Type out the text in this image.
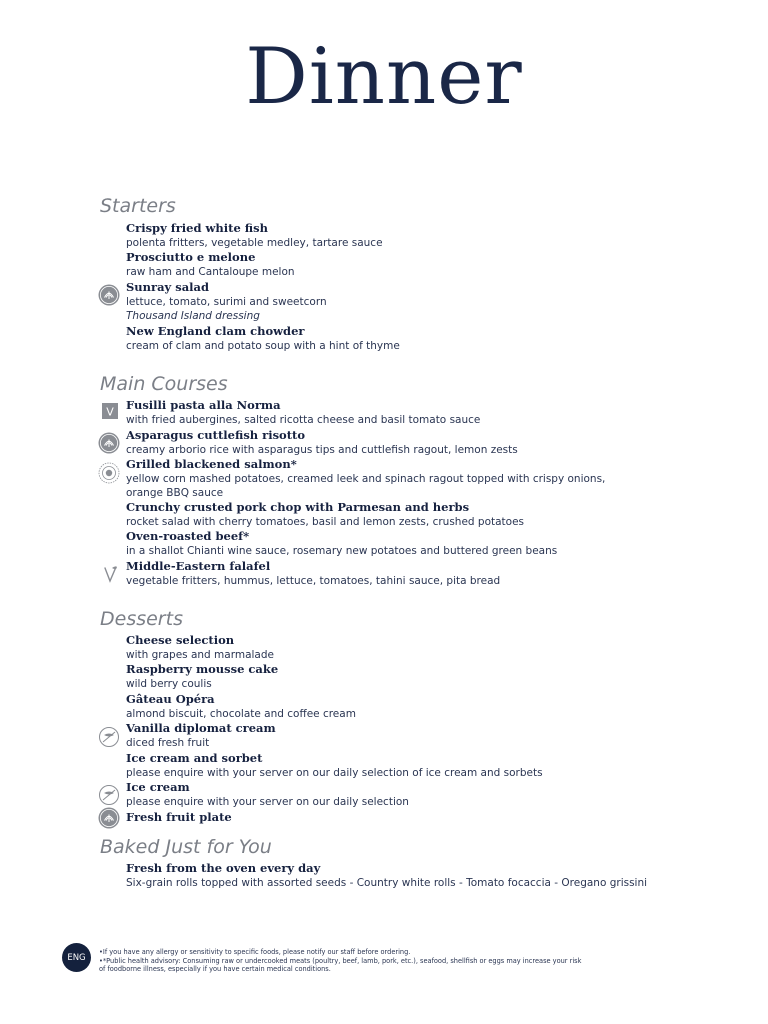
Dinner
Starters
Crispy fried white fish
polenta fritters, vegetable medley, tartare sauce
Prosciutto e melone
raw ham and Cantaloupe melon
Sunray salad
lettuce, tomato, surimi and sweetcorn
Thousand Island dressing
New England clam chowder
cream of clam and potato soup with a hint of thyme
Main Courses
V Fusilli pasta alla Norma
with fried aubergines, salted ricotta cheese and basil tomato sauce
Asparagus cuttlefish risotto
creamy arborio rice with asparagus tips and cuttlefish ragout, lemon zests
Grilled blackened salmon*
yellow corn mashed potatoes, creamed leek and spinach ragout topped with crispy onions,
orange BBQ sauce
Crunchy crusted pork chop with Parmesan and herbs
rocket salad with cherry tomatoes, basil and lemon zests, crushed potatoes
Oven-roasted beef*
in a shallot Chianti wine sauce, rosemary new potatoes and buttered green beans
Middle-Eastern falafel
vegetable fritters, hummus, lettuce, tomatoes, tahini sauce, pita bread
Desserts
Cheese selection
with grapes and marmalade
Raspberry mousse cake
wild berry coulis
Gâteau Opéra
almond biscuit, chocolate and coffee cream
Vanilla diplomat cream
diced fresh fruit
Ice cream and sorbet
please enquire with your server on our daily selection of ice cream and sorbets
Ice cream
please enquire with your server on our daily selection
Fresh fruit plate
Baked Just for You
Fresh from the oven every day
Six-grain rolls topped with assorted seeds - Country white rolls - Tomato focaccia - Oregano grissini
ENG
•If you have any allergy or sensitivity to specific foods, please notify our staff before ordering.
•*Public health advisory: Consuming raw or undercooked meats (poultry, beef, lamb, pork, etc.), seafood, shellfish or eggs may increase your risk
of foodborne illness, especially if you have certain medical conditions.
